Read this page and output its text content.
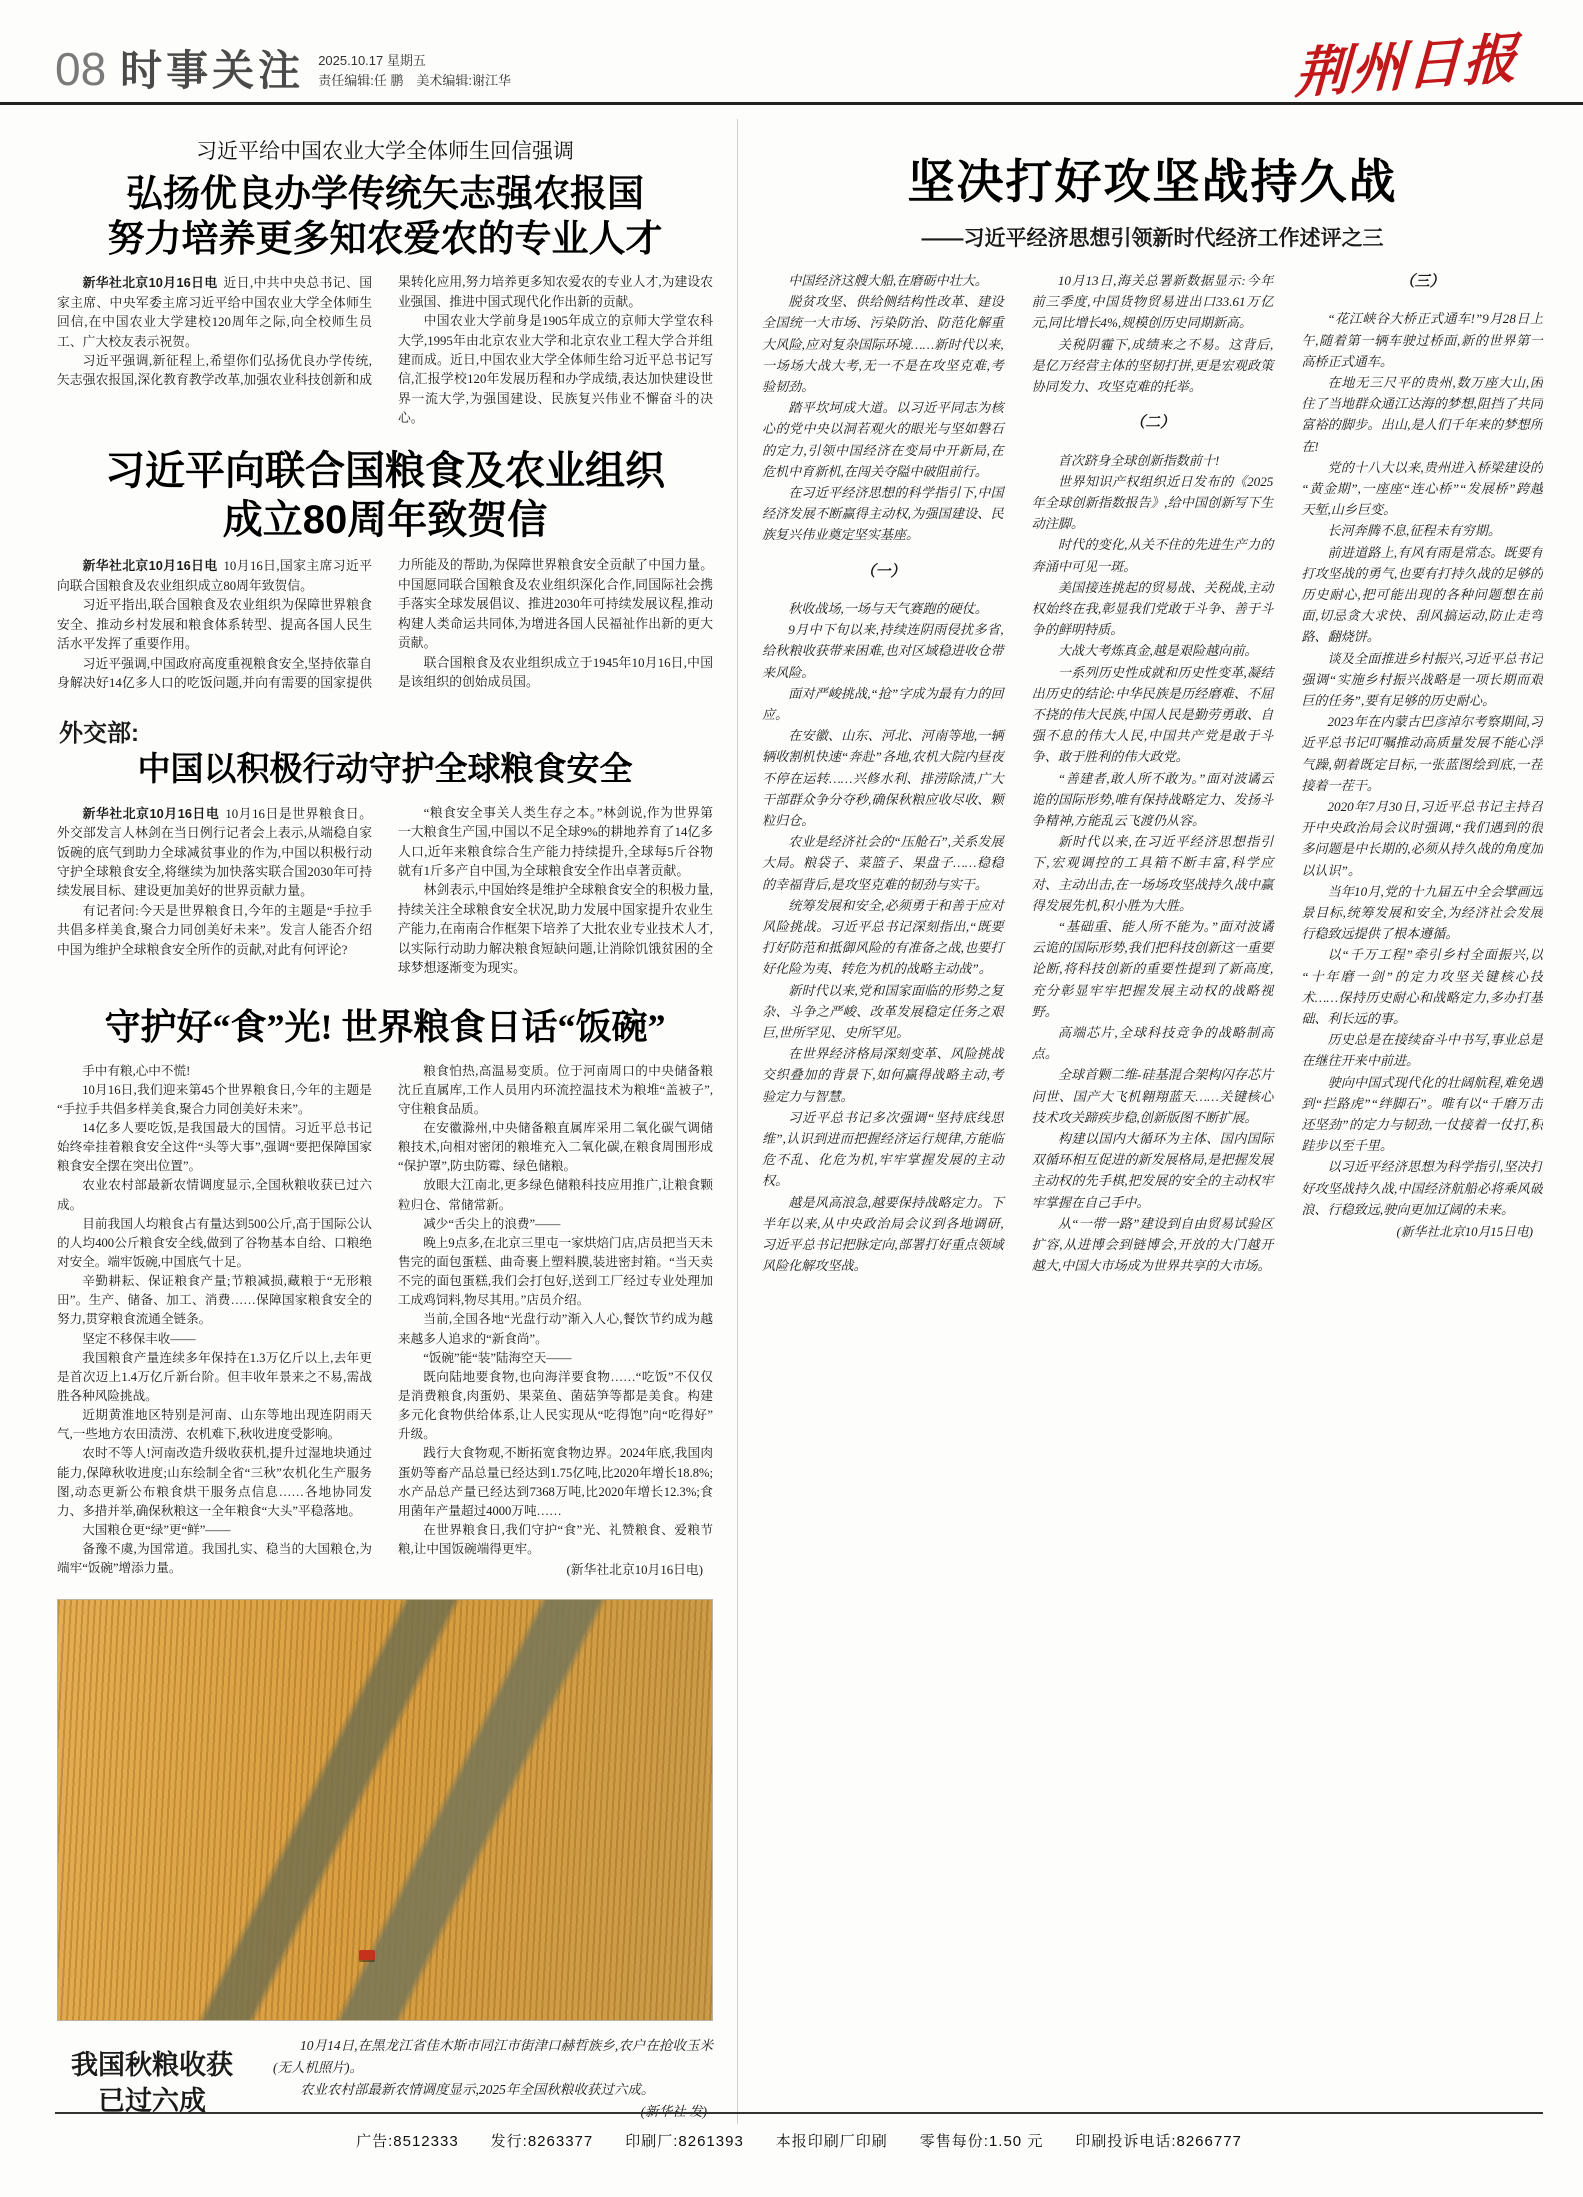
08 时事关注 2025.10.17 星期五
责任编辑:任 鹏　美术编辑:谢江华	荆州日报
习近平给中国农业大学全体师生回信强调
弘扬优良办学传统矢志强农报国
努力培养更多知农爱农的专业人才

新华社北京10月16日电 近日,中共中央总书记、国家主席、中央军委主席习近平给中国农业大学全体师生回信,在中国农业大学建校120周年之际,向全校师生员工、广大校友表示祝贺。

习近平强调,新征程上,希望你们弘扬优良办学传统,矢志强农报国,深化教育教学改革,加强农业科技创新和成果转化应用,努力培养更多知农爱农的专业人才,为建设农业强国、推进中国式现代化作出新的贡献。

中国农业大学前身是1905年成立的京师大学堂农科大学,1995年由北京农业大学和北京农业工程大学合并组建而成。近日,中国农业大学全体师生给习近平总书记写信,汇报学校120年发展历程和办学成绩,表达加快建设世界一流大学,为强国建设、民族复兴伟业不懈奋斗的决心。

习近平向联合国粮食及农业组织
成立80周年致贺信

新华社北京10月16日电 10月16日,国家主席习近平向联合国粮食及农业组织成立80周年致贺信。

习近平指出,联合国粮食及农业组织为保障世界粮食安全、推动乡村发展和粮食体系转型、提高各国人民生活水平发挥了重要作用。

习近平强调,中国政府高度重视粮食安全,坚持依靠自身解决好14亿多人口的吃饭问题,并向有需要的国家提供力所能及的帮助,为保障世界粮食安全贡献了中国力量。中国愿同联合国粮食及农业组织深化合作,同国际社会携手落实全球发展倡议、推进2030年可持续发展议程,推动构建人类命运共同体,为增进各国人民福祉作出新的更大贡献。

联合国粮食及农业组织成立于1945年10月16日,中国是该组织的创始成员国。

外交部:
中国以积极行动守护全球粮食安全

新华社北京10月16日电 10月16日是世界粮食日。外交部发言人林剑在当日例行记者会上表示,从端稳自家饭碗的底气到助力全球减贫事业的作为,中国以积极行动守护全球粮食安全,将继续为加快落实联合国2030年可持续发展目标、建设更加美好的世界贡献力量。

有记者问:今天是世界粮食日,今年的主题是“手拉手共倡多样美食,聚合力同创美好未来”。发言人能否介绍中国为维护全球粮食安全所作的贡献,对此有何评论?

“粮食安全事关人类生存之本。”林剑说,作为世界第一大粮食生产国,中国以不足全球9%的耕地养育了14亿多人口,近年来粮食综合生产能力持续提升,全球每5斤谷物就有1斤多产自中国,为全球粮食安全作出卓著贡献。

林剑表示,中国始终是维护全球粮食安全的积极力量,持续关注全球粮食安全状况,助力发展中国家提升农业生产能力,在南南合作框架下培养了大批农业专业技术人才,以实际行动助力解决粮食短缺问题,让消除饥饿贫困的全球梦想逐渐变为现实。

守护好“食”光! 世界粮食日话“饭碗”

手中有粮,心中不慌!

10月16日,我们迎来第45个世界粮食日,今年的主题是“手拉手共倡多样美食,聚合力同创美好未来”。

14亿多人要吃饭,是我国最大的国情。习近平总书记始终牵挂着粮食安全这件“头等大事”,强调“要把保障国家粮食安全摆在突出位置”。

农业农村部最新农情调度显示,全国秋粮收获已过六成。

目前我国人均粮食占有量达到500公斤,高于国际公认的人均400公斤粮食安全线,做到了谷物基本自给、口粮绝对安全。端牢饭碗,中国底气十足。

辛勤耕耘、保证粮食产量;节粮减损,藏粮于“无形粮田”。生产、储备、加工、消费……保障国家粮食安全的努力,贯穿粮食流通全链条。

坚定不移保丰收——

我国粮食产量连续多年保持在1.3万亿斤以上,去年更是首次迈上1.4万亿斤新台阶。但丰收年景来之不易,需战胜各种风险挑战。

近期黄淮地区特别是河南、山东等地出现连阴雨天气,一些地方农田渍涝、农机难下,秋收进度受影响。

农时不等人!河南改造升级收获机,提升过湿地块通过能力,保障秋收进度;山东绘制全省“三秋”农机化生产服务图,动态更新公布粮食烘干服务点信息……各地协同发力、多措并举,确保秋粮这一全年粮食“大头”平稳落地。

大国粮仓更“绿”更“鲜”——

备豫不虞,为国常道。我国扎实、稳当的大国粮仓,为端牢“饭碗”增添力量。

粮食怕热,高温易变质。位于河南周口的中央储备粮沈丘直属库,工作人员用内环流控温技术为粮堆“盖被子”,守住粮食品质。

在安徽滁州,中央储备粮直属库采用二氧化碳气调储粮技术,向相对密闭的粮堆充入二氧化碳,在粮食周围形成“保护罩”,防虫防霉、绿色储粮。

放眼大江南北,更多绿色储粮科技应用推广,让粮食颗粒归仓、常储常新。

减少“舌尖上的浪费”——

晚上9点多,在北京三里屯一家烘焙门店,店员把当天未售完的面包蛋糕、曲奇裹上塑料膜,装进密封箱。“当天卖不完的面包蛋糕,我们会打包好,送到工厂经过专业处理加工成鸡饲料,物尽其用。”店员介绍。

当前,全国各地“光盘行动”渐入人心,餐饮节约成为越来越多人追求的“新食尚”。

“饭碗”能“装”陆海空天——

既向陆地要食物,也向海洋要食物……“吃饭”不仅仅是消费粮食,肉蛋奶、果菜鱼、菌菇笋等都是美食。构建多元化食物供给体系,让人民实现从“吃得饱”向“吃得好”升级。

践行大食物观,不断拓宽食物边界。2024年底,我国肉蛋奶等畜产品总量已经达到1.75亿吨,比2020年增长18.8%;水产品总产量已经达到7368万吨,比2020年增长12.3%;食用菌年产量超过4000万吨……

在世界粮食日,我们守护“食”光、礼赞粮食、爱粮节粮,让中国饭碗端得更牢。

(新华社北京10月16日电)
我国秋粮收获
已过六成

10月14日,在黑龙江省佳木斯市同江市街津口赫哲族乡,农户在抢收玉米(无人机照片)。

农业农村部最新农情调度显示,2025年全国秋粮收获过六成。

(新华社 发)
坚决打好攻坚战持久战
——习近平经济思想引领新时代经济工作述评之三

中国经济这艘大船,在磨砺中壮大。

脱贫攻坚、供给侧结构性改革、建设全国统一大市场、污染防治、防范化解重大风险,应对复杂国际环境……新时代以来,一场场大战大考,无一不是在攻坚克难,考验韧劲。

踏平坎坷成大道。以习近平同志为核心的党中央以洞若观火的眼光与坚如磐石的定力,引领中国经济在变局中开新局,在危机中育新机,在闯关夺隘中破阻前行。

在习近平经济思想的科学指引下,中国经济发展不断赢得主动权,为强国建设、民族复兴伟业奠定坚实基座。

（一）

秋收战场,一场与天气赛跑的硬仗。

9月中下旬以来,持续连阴雨侵扰多省,给秋粮收获带来困难,也对区域稳进收仓带来风险。

面对严峻挑战,“抢”字成为最有力的回应。

在安徽、山东、河北、河南等地,一辆辆收割机快速“奔赴”各地,农机大院内昼夜不停在运转……兴修水利、排涝除渍,广大干部群众争分夺秒,确保秋粮应收尽收、颗粒归仓。

农业是经济社会的“压舱石”,关系发展大局。粮袋子、菜篮子、果盘子……稳稳的幸福背后,是攻坚克难的韧劲与实干。

统筹发展和安全,必须勇于和善于应对风险挑战。习近平总书记深刻指出,“既要打好防范和抵御风险的有准备之战,也要打好化险为夷、转危为机的战略主动战”。

新时代以来,党和国家面临的形势之复杂、斗争之严峻、改革发展稳定任务之艰巨,世所罕见、史所罕见。

在世界经济格局深刻变革、风险挑战交织叠加的背景下,如何赢得战略主动,考验定力与智慧。

习近平总书记多次强调“坚持底线思维”,认识到进而把握经济运行规律,方能临危不乱、化危为机,牢牢掌握发展的主动权。

越是风高浪急,越要保持战略定力。下半年以来,从中央政治局会议到各地调研,习近平总书记把脉定向,部署打好重点领域风险化解攻坚战。

10月13日,海关总署新数据显示:今年前三季度,中国货物贸易进出口33.61万亿元,同比增长4%,规模创历史同期新高。

关税阴霾下,成绩来之不易。这背后,是亿万经营主体的坚韧打拼,更是宏观政策协同发力、攻坚克难的托举。

（二）

首次跻身全球创新指数前十!

世界知识产权组织近日发布的《2025年全球创新指数报告》,给中国创新写下生动注脚。

时代的变化,从关不住的先进生产力的奔涌中可见一斑。

美国接连挑起的贸易战、关税战,主动权始终在我,彰显我们党敢于斗争、善于斗争的鲜明特质。

大战大考炼真金,越是艰险越向前。

一系列历史性成就和历史性变革,凝结出历史的结论:中华民族是历经磨难、不屈不挠的伟大民族,中国人民是勤劳勇敢、自强不息的伟大人民,中国共产党是敢于斗争、敢于胜利的伟大政党。

“善建者,敢人所不敢为。”面对波谲云诡的国际形势,唯有保持战略定力、发扬斗争精神,方能乱云飞渡仍从容。

新时代以来,在习近平经济思想指引下,宏观调控的工具箱不断丰富,科学应对、主动出击,在一场场攻坚战持久战中赢得发展先机,积小胜为大胜。

“基础重、能人所不能为。”面对波谲云诡的国际形势,我们把科技创新这一重要论断,将科技创新的重要性提到了新高度,充分彰显牢牢把握发展主动权的战略视野。

高端芯片,全球科技竞争的战略制高点。

全球首颗二维-硅基混合架构闪存芯片问世、国产大飞机翱翔蓝天……关键核心技术攻关蹄疾步稳,创新版图不断扩展。

构建以国内大循环为主体、国内国际双循环相互促进的新发展格局,是把握发展主动权的先手棋,把发展的安全的主动权牢牢掌握在自己手中。

从“一带一路”建设到自由贸易试验区扩容,从进博会到链博会,开放的大门越开越大,中国大市场成为世界共享的大市场。

（三）

“花江峡谷大桥正式通车!”9月28日上午,随着第一辆车驶过桥面,新的世界第一高桥正式通车。

在地无三尺平的贵州,数万座大山,困住了当地群众通江达海的梦想,阻挡了共同富裕的脚步。出山,是人们千年来的梦想所在!

党的十八大以来,贵州进入桥梁建设的“黄金期”,一座座“连心桥”“发展桥”跨越天堑,山乡巨变。

长河奔腾不息,征程未有穷期。

前进道路上,有风有雨是常态。既要有打攻坚战的勇气,也要有打持久战的足够的历史耐心,把可能出现的各种问题想在前面,切忌贪大求快、刮风搞运动,防止走弯路、翻烧饼。

谈及全面推进乡村振兴,习近平总书记强调“实施乡村振兴战略是一项长期而艰巨的任务”,要有足够的历史耐心。

2023年在内蒙古巴彦淖尔考察期间,习近平总书记叮嘱推动高质量发展不能心浮气躁,朝着既定目标,一张蓝图绘到底,一茬接着一茬干。

2020年7月30日,习近平总书记主持召开中央政治局会议时强调,“我们遇到的很多问题是中长期的,必须从持久战的角度加以认识”。

当年10月,党的十九届五中全会擘画远景目标,统筹发展和安全,为经济社会发展行稳致远提供了根本遵循。

以“千万工程”牵引乡村全面振兴,以“十年磨一剑”的定力攻坚关键核心技术……保持历史耐心和战略定力,多办打基础、利长远的事。

历史总是在接续奋斗中书写,事业总是在继往开来中前进。

驶向中国式现代化的壮阔航程,难免遇到“拦路虎”“绊脚石”。唯有以“千磨万击还坚劲”的定力与韧劲,一仗接着一仗打,积跬步以至千里。

以习近平经济思想为科学指引,坚决打好攻坚战持久战,中国经济航船必将乘风破浪、行稳致远,驶向更加辽阔的未来。

(新华社北京10月15日电)
广告:8512333　　发行:8263377　　印刷厂:8261393　　本报印刷厂印刷　　零售每份:1.50 元　　印刷投诉电话:8266777
